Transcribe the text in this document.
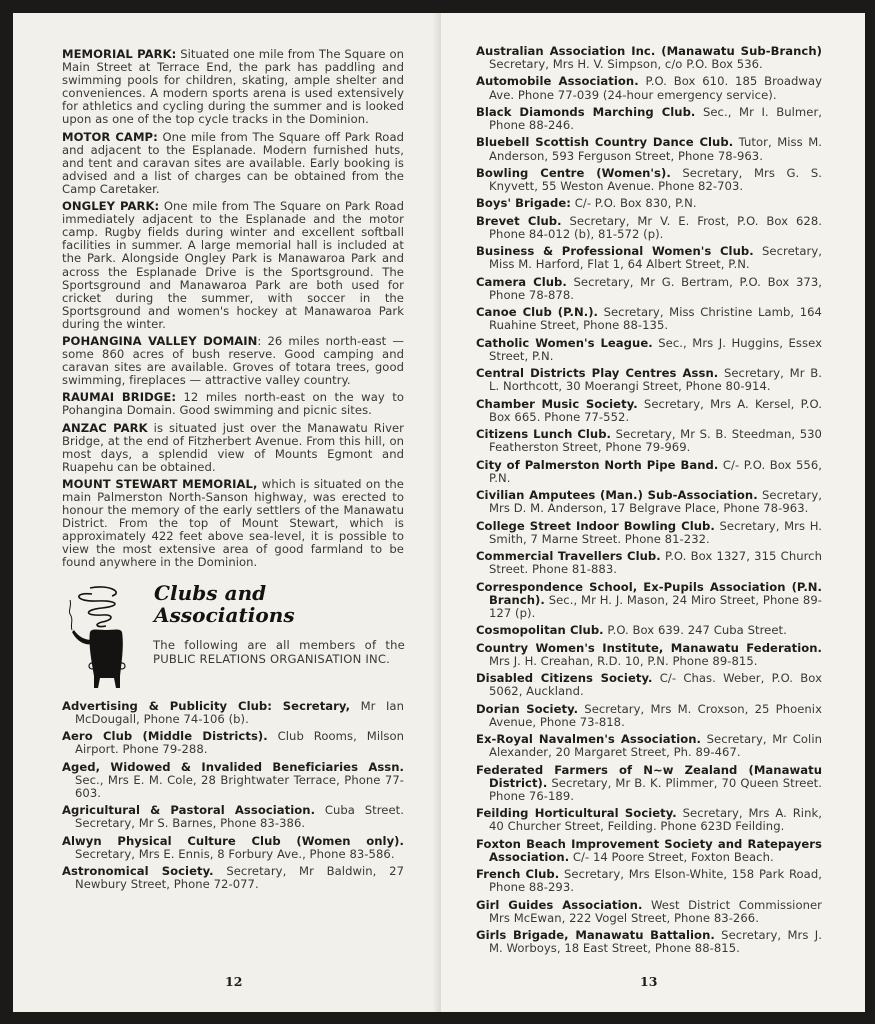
MEMORIAL PARK: Situated one mile from The Square on Main Street at Terrace End, the park has paddling and swimming pools for children, skating, ample shelter and conveniences. A modern sports arena is used extensively for athletics and cycling during the summer and is looked upon as one of the top cycle tracks in the Dominion.

MOTOR CAMP: One mile from The Square off Park Road and adjacent to the Esplanade. Modern furnished huts, and tent and caravan sites are available. Early booking is advised and a list of charges can be obtained from the Camp Caretaker.

ONGLEY PARK: One mile from The Square on Park Road immediately adjacent to the Esplanade and the motor camp. Rugby fields during winter and excellent softball facilities in summer. A large memorial hall is included at the Park. Alongside Ongley Park is Manawaroa Park and across the Esplanade Drive is the Sportsground. The Sportsground and Manawaroa Park are both used for cricket during the summer, with soccer in the Sportsground and women's hockey at Manawaroa Park during the winter.

POHANGINA VALLEY DOMAIN: 26 miles north-east — some 860 acres of bush reserve. Good camping and caravan sites are available. Groves of totara trees, good swimming, fireplaces — attractive valley country.

RAUMAI BRIDGE: 12 miles north-east on the way to Pohangina Domain. Good swimming and picnic sites.

ANZAC PARK is situated just over the Manawatu River Bridge, at the end of Fitzherbert Avenue. From this hill, on most days, a splendid view of Mounts Egmont and Ruapehu can be obtained.

MOUNT STEWART MEMORIAL, which is situated on the main Palmerston North-Sanson highway, was erected to honour the memory of the early settlers of the Manawatu District. From the top of Mount Stewart, which is approximately 422 feet above sea-level, it is possible to view the most extensive area of good farmland to be found anywhere in the Dominion.

Clubs and
Associations
The following are all members of the PUBLIC RELATIONS ORGANISATION INC.

Advertising & Publicity Club: Secretary, Mr Ian McDougall, Phone 74-106 (b).

Aero Club (Middle Districts). Club Rooms, Milson Airport. Phone 79-288.

Aged, Widowed & Invalided Beneficiaries Assn. Sec., Mrs E. M. Cole, 28 Brightwater Terrace, Phone 77-603.

Agricultural & Pastoral Association. Cuba Street. Secretary, Mr S. Barnes, Phone 83-386.

Alwyn Physical Culture Club (Women only). Secretary, Mrs E. Ennis, 8 Forbury Ave., Phone 83-586.

Astronomical Society. Secretary, Mr Baldwin, 27 Newbury Street, Phone 72-077.

12

Australian Association Inc. (Manawatu Sub-Branch) Secretary, Mrs H. V. Simpson, c/o P.O. Box 536.

Automobile Association. P.O. Box 610. 185 Broadway Ave. Phone 77-039 (24-hour emergency service).

Black Diamonds Marching Club. Sec., Mr I. Bulmer, Phone 88-246.

Bluebell Scottish Country Dance Club. Tutor, Miss M. Anderson, 593 Ferguson Street, Phone 78-963.

Bowling Centre (Women's). Secretary, Mrs G. S. Knyvett, 55 Weston Avenue. Phone 82-703.

Boys' Brigade: C/- P.O. Box 830, P.N.

Brevet Club. Secretary, Mr V. E. Frost, P.O. Box 628. Phone 84-012 (b), 81-572 (p).

Business & Professional Women's Club. Secretary, Miss M. Harford, Flat 1, 64 Albert Street, P.N.

Camera Club. Secretary, Mr G. Bertram, P.O. Box 373, Phone 78-878.

Canoe Club (P.N.). Secretary, Miss Christine Lamb, 164 Ruahine Street, Phone 88-135.

Catholic Women's League. Sec., Mrs J. Huggins, Essex Street, P.N.

Central Districts Play Centres Assn. Secretary, Mr B. L. Northcott, 30 Moerangi Street, Phone 80-914.

Chamber Music Society. Secretary, Mrs A. Kersel, P.O. Box 665. Phone 77-552.

Citizens Lunch Club. Secretary, Mr S. B. Steedman, 530 Featherston Street, Phone 79-969.

City of Palmerston North Pipe Band. C/- P.O. Box 556, P.N.

Civilian Amputees (Man.) Sub-Association. Secretary, Mrs D. M. Anderson, 17 Belgrave Place, Phone 78-963.

College Street Indoor Bowling Club. Secretary, Mrs H. Smith, 7 Marne Street. Phone 81-232.

Commercial Travellers Club. P.O. Box 1327, 315 Church Street. Phone 81-883.

Correspondence School, Ex-Pupils Association (P.N. Branch). Sec., Mr H. J. Mason, 24 Miro Street, Phone 89-127 (p).

Cosmopolitan Club. P.O. Box 639. 247 Cuba Street.

Country Women's Institute, Manawatu Federation. Mrs J. H. Creahan, R.D. 10, P.N. Phone 89-815.

Disabled Citizens Society. C/- Chas. Weber, P.O. Box 5062, Auckland.

Dorian Society. Secretary, Mrs M. Croxson, 25 Phoenix Avenue, Phone 73-818.

Ex-Royal Navalmen's Association. Secretary, Mr Colin Alexander, 20 Margaret Street, Ph. 89-467.

Federated Farmers of N~w Zealand (Manawatu District). Secretary, Mr B. K. Plimmer, 70 Queen Street. Phone 76-189.

Feilding Horticultural Society. Secretary, Mrs A. Rink, 40 Churcher Street, Feilding. Phone 623D Feilding.

Foxton Beach Improvement Society and Ratepayers Association. C/- 14 Poore Street, Foxton Beach.

French Club. Secretary, Mrs Elson-White, 158 Park Road, Phone 88-293.

Girl Guides Association. West District Commissioner Mrs McEwan, 222 Vogel Street, Phone 83-266.

Girls Brigade, Manawatu Battalion. Secretary, Mrs J. M. Worboys, 18 East Street, Phone 88-815.

13
